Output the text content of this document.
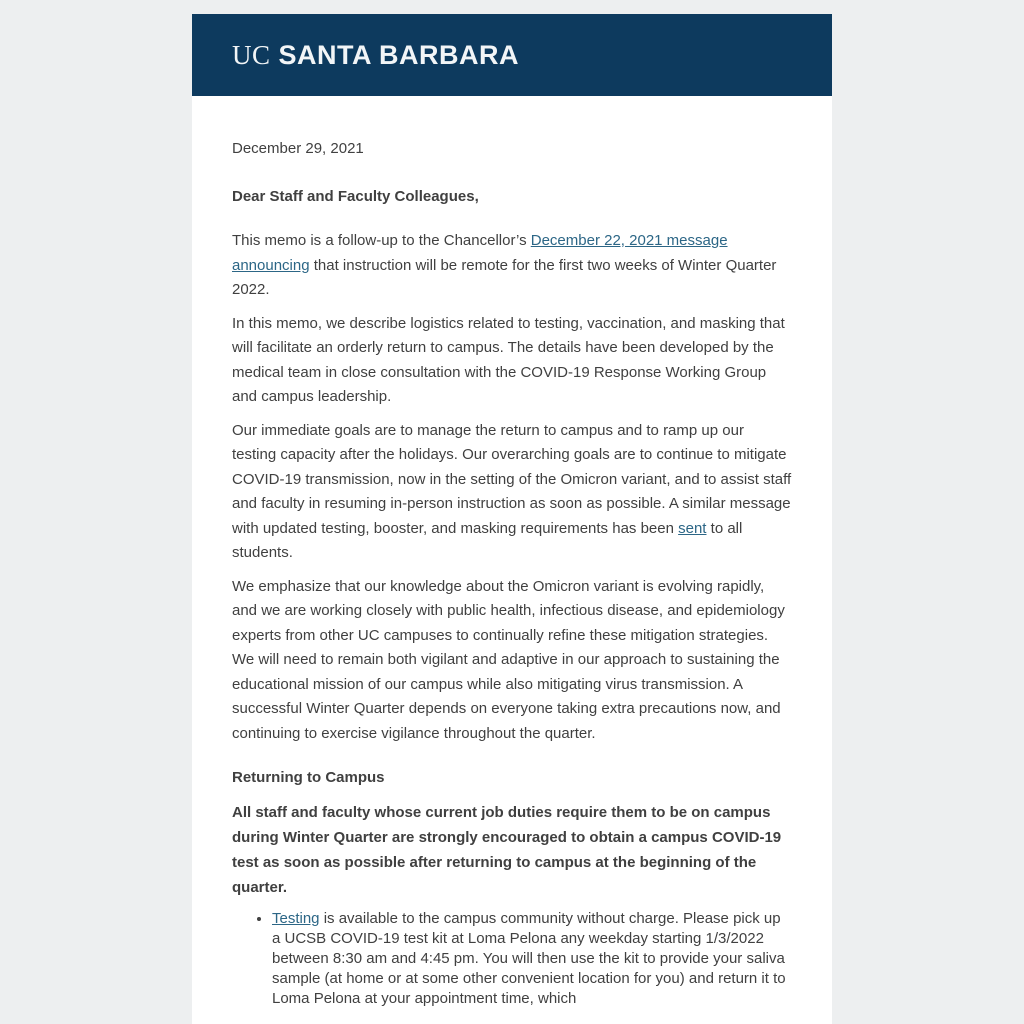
UC SANTA BARBARA

December 29, 2021

Dear Staff and Faculty Colleagues,

This memo is a follow-up to the Chancellor’s December 22, 2021 message announcing that instruction will be remote for the first two weeks of Winter Quarter 2022.

In this memo, we describe logistics related to testing, vaccination, and masking that will facilitate an orderly return to campus. The details have been developed by the medical team in close consultation with the COVID-19 Response Working Group and campus leadership.

Our immediate goals are to manage the return to campus and to ramp up our testing capacity after the holidays. Our overarching goals are to continue to mitigate COVID-19 transmission, now in the setting of the Omicron variant, and to assist staff and faculty in resuming in-person instruction as soon as possible. A similar message with updated testing, booster, and masking requirements has been sent to all students.

We emphasize that our knowledge about the Omicron variant is evolving rapidly, and we are working closely with public health, infectious disease, and epidemiology experts from other UC campuses to continually refine these mitigation strategies. We will need to remain both vigilant and adaptive in our approach to sustaining the educational mission of our campus while also mitigating virus transmission. A successful Winter Quarter depends on everyone taking extra precautions now, and continuing to exercise vigilance throughout the quarter.

Returning to Campus

All staff and faculty whose current job duties require them to be on campus during Winter Quarter are strongly encouraged to obtain a campus COVID-19 test as soon as possible after returning to campus at the beginning of the quarter.

• Testing is available to the campus community without charge. Please pick up a UCSB COVID-19 test kit at Loma Pelona any weekday starting 1/3/2022 between 8:30 am and 4:45 pm. You will then use the kit to provide your saliva sample (at home or at some other convenient location for you) and return it to Loma Pelona at your appointment time, which
